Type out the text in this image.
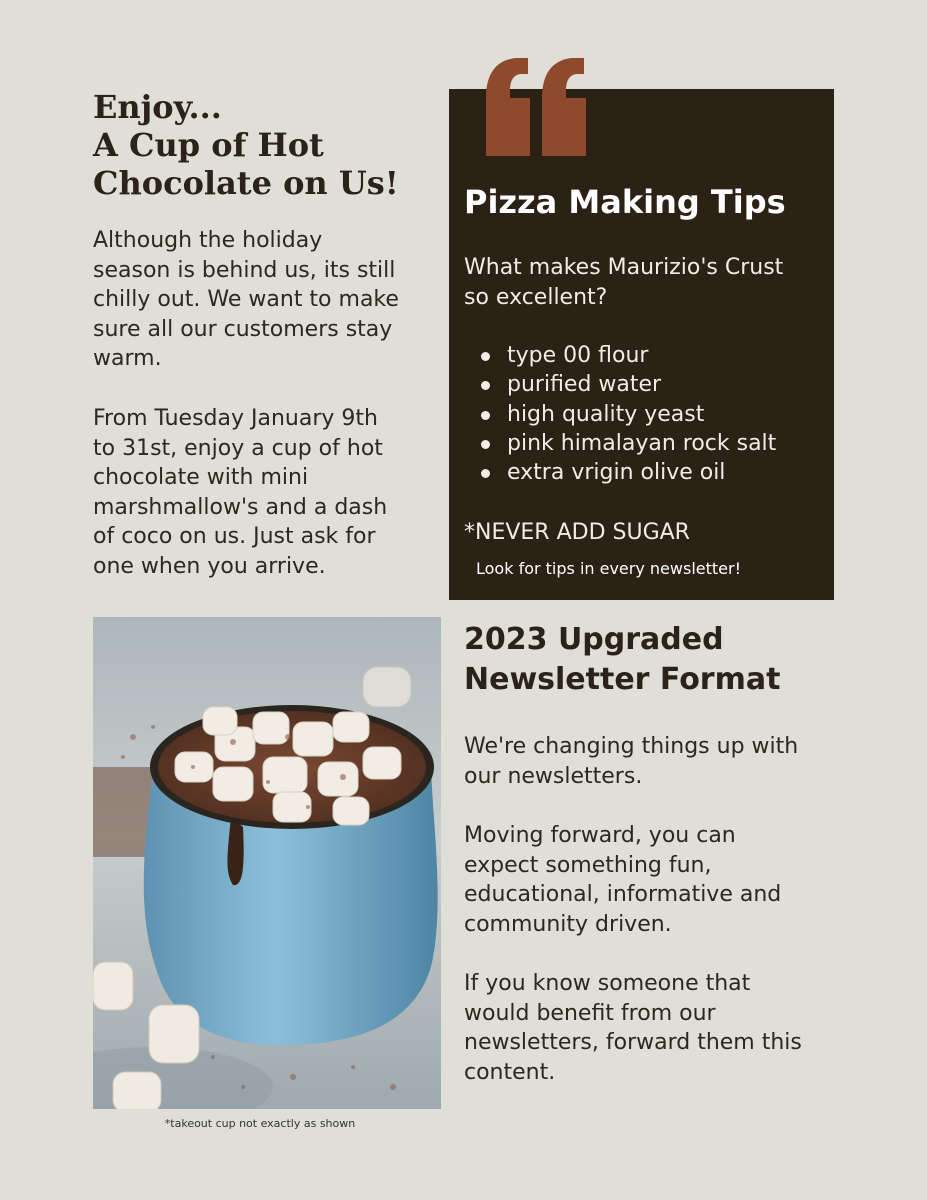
Enjoy...
A Cup of Hot
Chocolate on Us!

Although the holiday
season is behind us, its still
chilly out. We want to make
sure all our customers stay
warm.

From Tuesday January 9th
to 31st, enjoy a cup of hot
chocolate with mini
marshmallow's and a dash
of coco on us. Just ask for
one when you arrive.

Pizza Making Tips

What makes Maurizio's Crust
so excellent?

type 00 flour
purified water
high quality yeast
pink himalayan rock salt
extra vrigin olive oil

*NEVER ADD SUGAR

Look for tips in every newsletter!

*takeout cup not exactly as shown

2023 Upgraded
Newsletter Format

We're changing things up with
our newsletters.

Moving forward, you can
expect something fun,
educational, informative and
community driven.

If you know someone that
would benefit from our
newsletters, forward them this
content.
